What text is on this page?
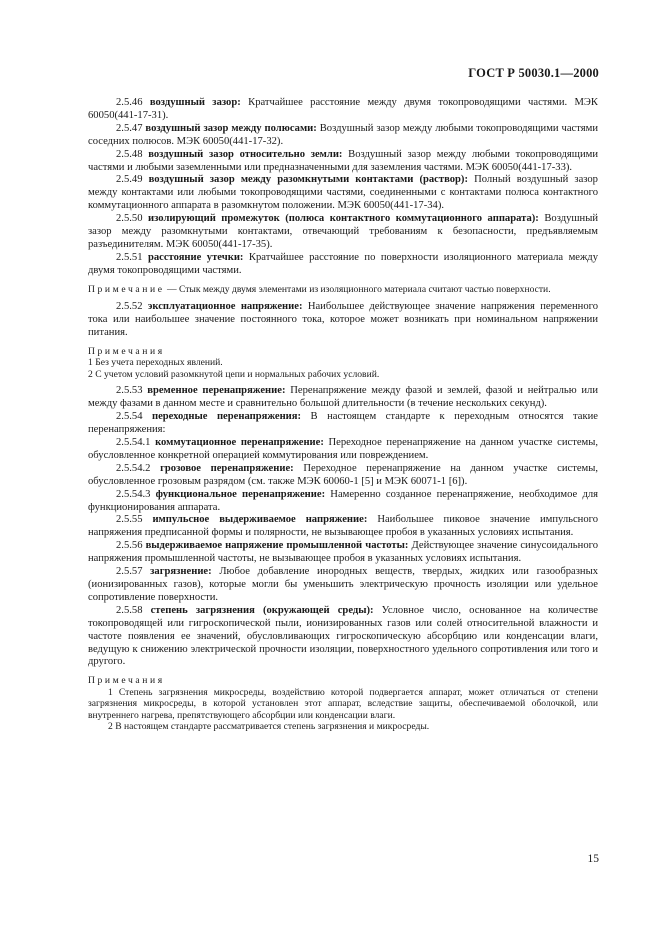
ГОСТ Р 50030.1—2000

2.5.46 воздушный зазор: Кратчайшее расстояние между двумя токопроводящими частями. МЭК 60050(441-17-31).

2.5.47 воздушный зазор между полюсами: Воздушный зазор между любыми токопроводящими частями соседних полюсов. МЭК 60050(441-17-32).

2.5.48 воздушный зазор относительно земли: Воздушный зазор между любыми токопроводящими частями и любыми заземленными или предназначенными для заземления частями. МЭК 60050(441-17-33).

2.5.49 воздушный зазор между разомкнутыми контактами (раствор): Полный воздушный зазор между контактами или любыми токопроводящими частями, соединенными с контактами полюса контактного коммутационного аппарата в разомкнутом положении. МЭК 60050(441-17-34).

2.5.50 изолирующий промежуток (полюса контактного коммутационного аппарата): Воздушный зазор между разомкнутыми контактами, отвечающий требованиям к безопасности, предъявляемым разъединителям. МЭК 60050(441-17-35).

2.5.51 расстояние утечки: Кратчайшее расстояние по поверхности изоляционного материала между двумя токопроводящими частями.

Примечание — Стык между двумя элементами из изоляционного материала считают частью поверхности.

2.5.52 эксплуатационное напряжение: Наибольшее действующее значение напряжения переменного тока или наибольшее значение постоянного тока, которое может возникать при номинальном напряжении питания.

Примечания

1 Без учета переходных явлений.

2 С учетом условий разомкнутой цепи и нормальных рабочих условий.

2.5.53 временное перенапряжение: Перенапряжение между фазой и землей, фазой и нейтралью или между фазами в данном месте и сравнительно большой длительности (в течение нескольких секунд).

2.5.54 переходные перенапряжения: В настоящем стандарте к переходным относятся такие перенапряжения:

2.5.54.1 коммутационное перенапряжение: Переходное перенапряжение на данном участке системы, обусловленное конкретной операцией коммутирования или повреждением.

2.5.54.2 грозовое перенапряжение: Переходное перенапряжение на данном участке системы, обусловленное грозовым разрядом (см. также МЭК 60060-1 [5] и МЭК 60071-1 [6]).

2.5.54.3 функциональное перенапряжение: Намеренно созданное перенапряжение, необходимое для функционирования аппарата.

2.5.55 импульсное выдерживаемое напряжение: Наибольшее пиковое значение импульсного напряжения предписанной формы и полярности, не вызывающее пробоя в указанных условиях испытания.

2.5.56 выдерживаемое напряжение промышленной частоты: Действующее значение синусоидального напряжения промышленной частоты, не вызывающее пробоя в указанных условиях испытания.

2.5.57 загрязнение: Любое добавление инородных веществ, твердых, жидких или газообразных (ионизированных газов), которые могли бы уменьшить электрическую прочность изоляции или удельное сопротивление поверхности.

2.5.58 степень загрязнения (окружающей среды): Условное число, основанное на количестве токопроводящей или гигроскопической пыли, ионизированных газов или солей относительной влажности и частоте появления ее значений, обусловливающих гигроскопическую абсорбцию или конденсации влаги, ведущую к снижению электрической прочности изоляции, поверхностного удельного сопротивления или того и другого.

Примечания

1 Степень загрязнения микросреды, воздействию которой подвергается аппарат, может отличаться от степени загрязнения микросреды, в которой установлен этот аппарат, вследствие защиты, обеспечиваемой оболочкой, или внутреннего нагрева, препятствующего абсорбции или конденсации влаги.

2 В настоящем стандарте рассматривается степень загрязнения и микросреды.

15
